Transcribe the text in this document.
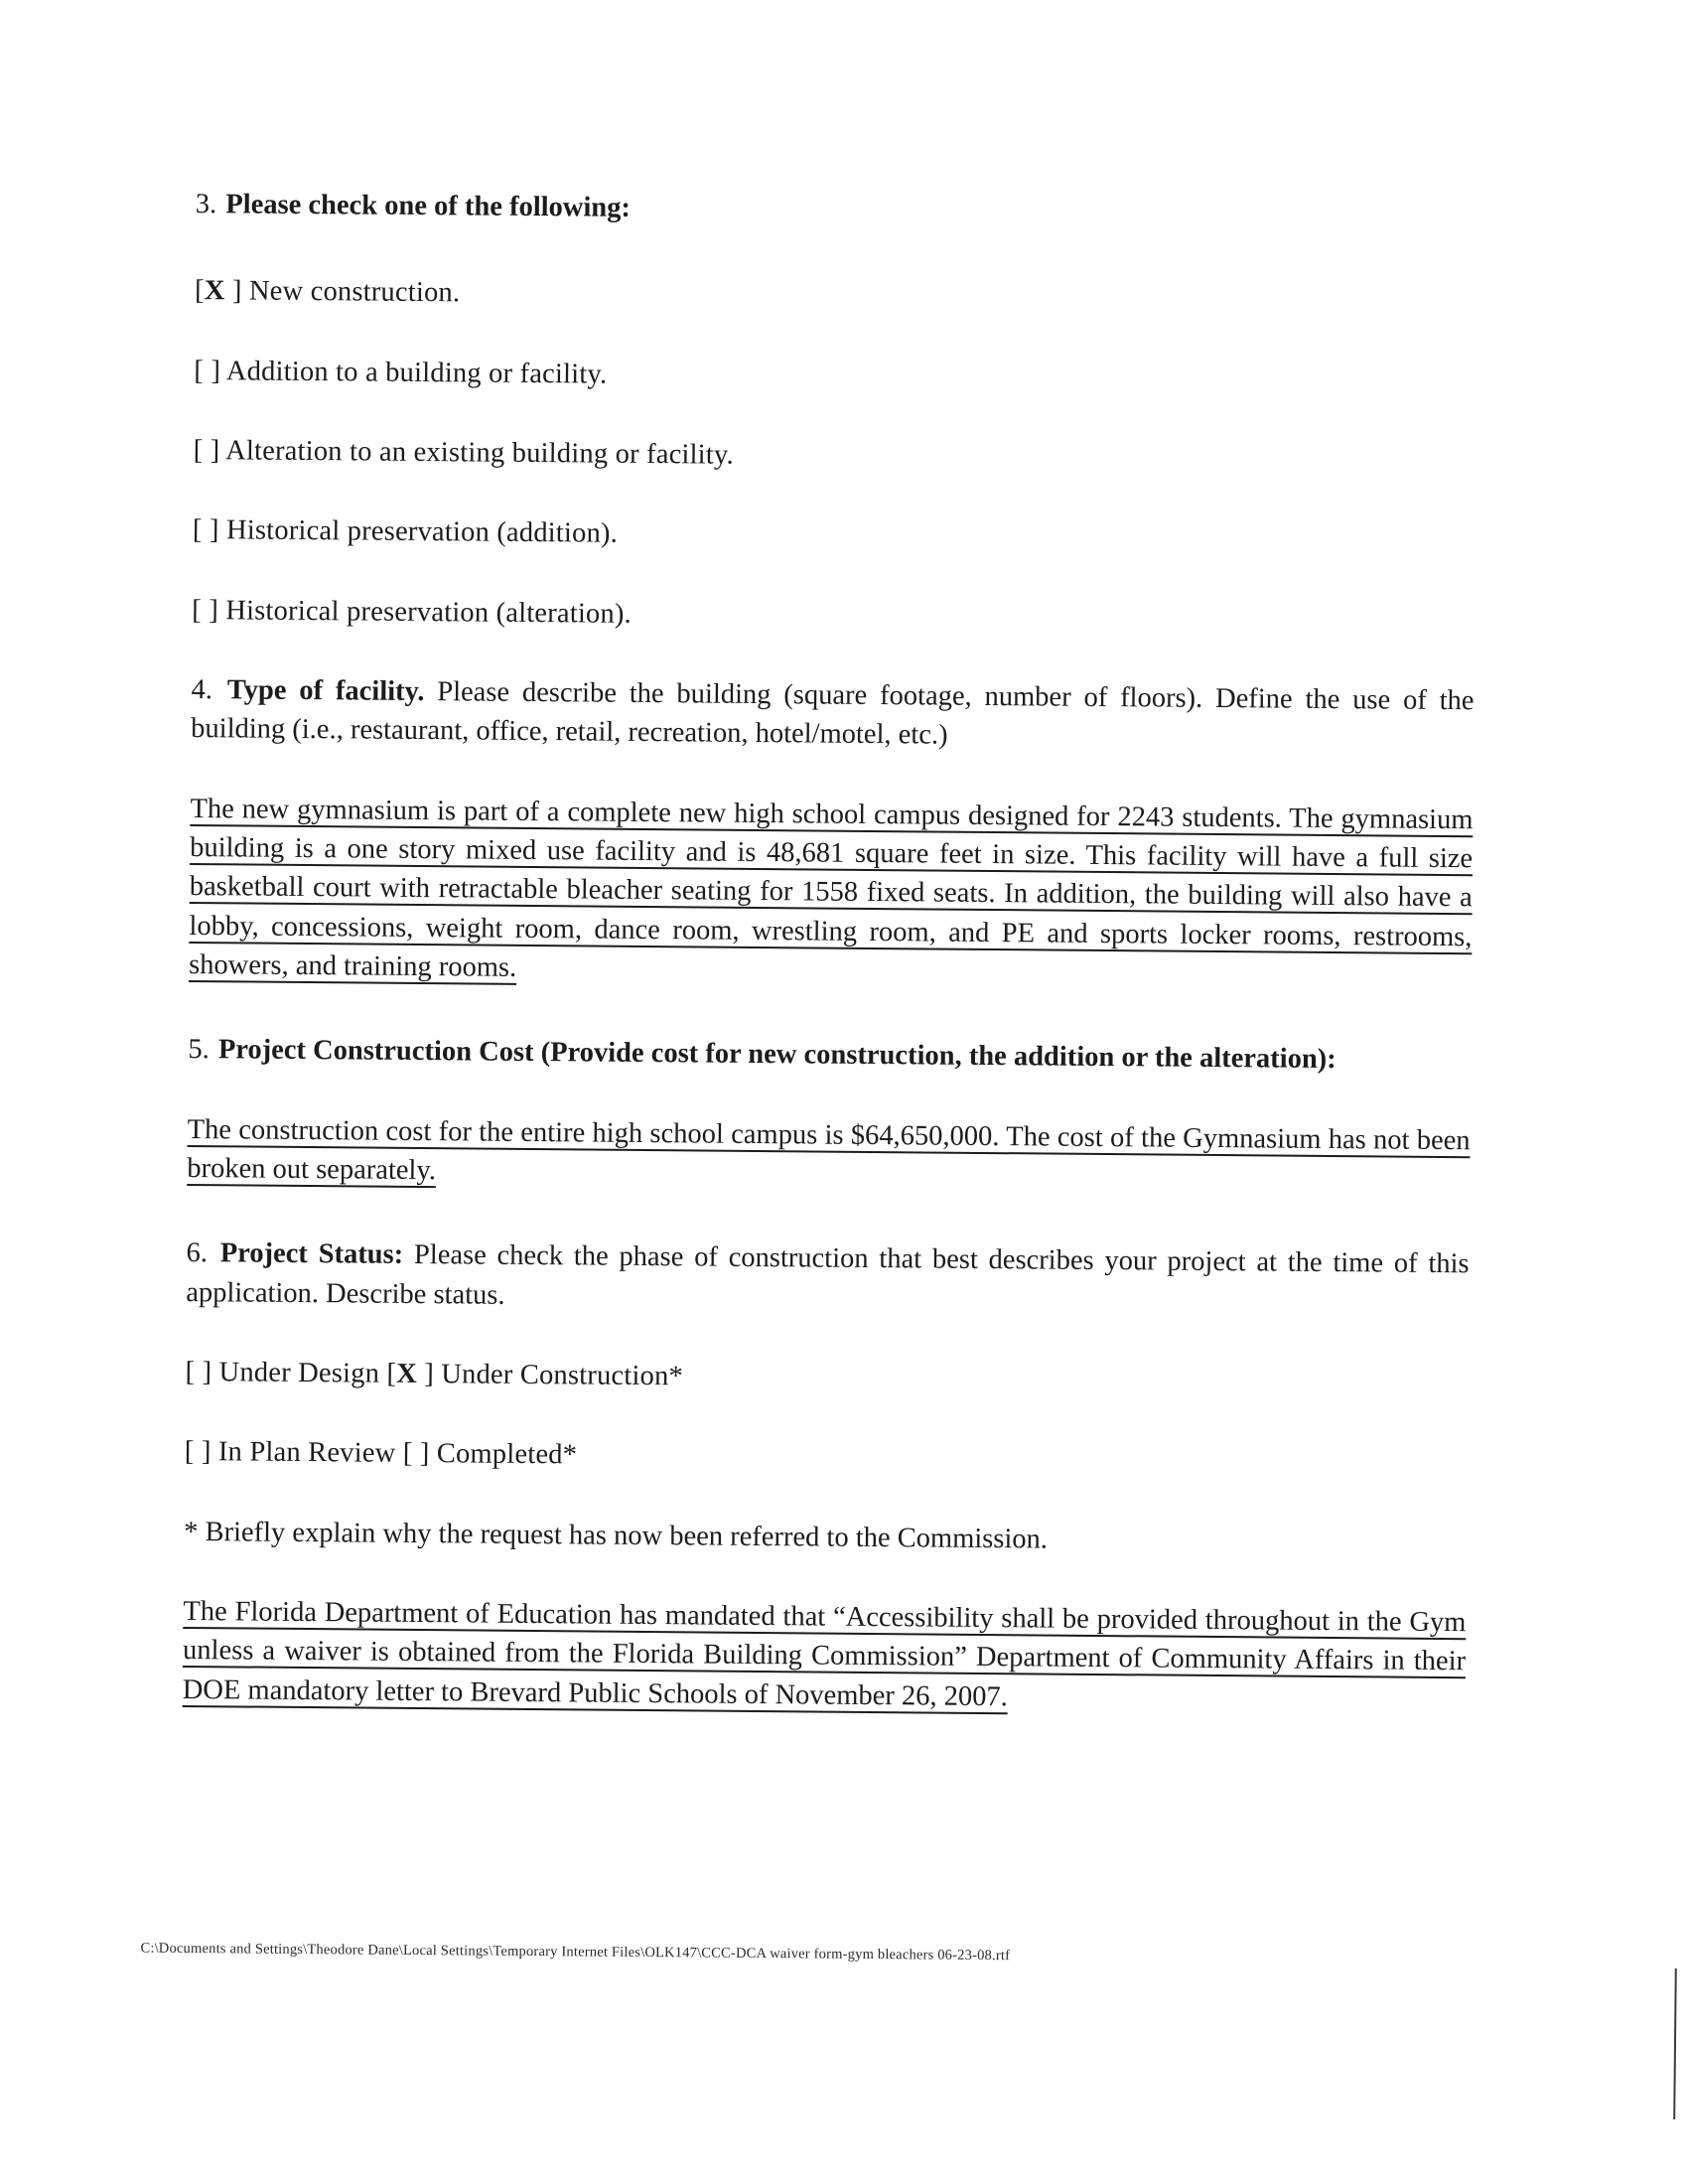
3. Please check one of the following:

[X ] New construction.

[ ] Addition to a building or facility.

[ ] Alteration to an existing building or facility.

[ ] Historical preservation (addition).

[ ] Historical preservation (alteration).

4. Type of facility. Please describe the building (square footage, number of floors). Define the use of the building (i.e., restaurant, office, retail, recreation, hotel/motel, etc.)

The new gymnasium is part of a complete new high school campus designed for 2243 students. The gymnasium building is a one story mixed use facility and is 48,681 square feet in size. This facility will have a full size basketball court with retractable bleacher seating for 1558 fixed seats. In addition, the building will also have a lobby, concessions, weight room, dance room, wrestling room, and PE and sports locker rooms, restrooms, showers, and training rooms.

5. Project Construction Cost (Provide cost for new construction, the addition or the alteration):

The construction cost for the entire high school campus is $64,650,000. The cost of the Gymnasium has not been broken out separately.

6. Project Status: Please check the phase of construction that best describes your project at the time of this application. Describe status.

[ ] Under Design [X ] Under Construction*

[ ] In Plan Review [ ] Completed*

* Briefly explain why the request has now been referred to the Commission.

The Florida Department of Education has mandated that “Accessibility shall be provided throughout in the Gym unless a waiver is obtained from the Florida Building Commission” Department of Community Affairs in their DOE mandatory letter to Brevard Public Schools of November 26, 2007.

C:\Documents and Settings\Theodore Dane\Local Settings\Temporary Internet Files\OLK147\CCC-DCA waiver form-gym bleachers 06-23-08.rtf
